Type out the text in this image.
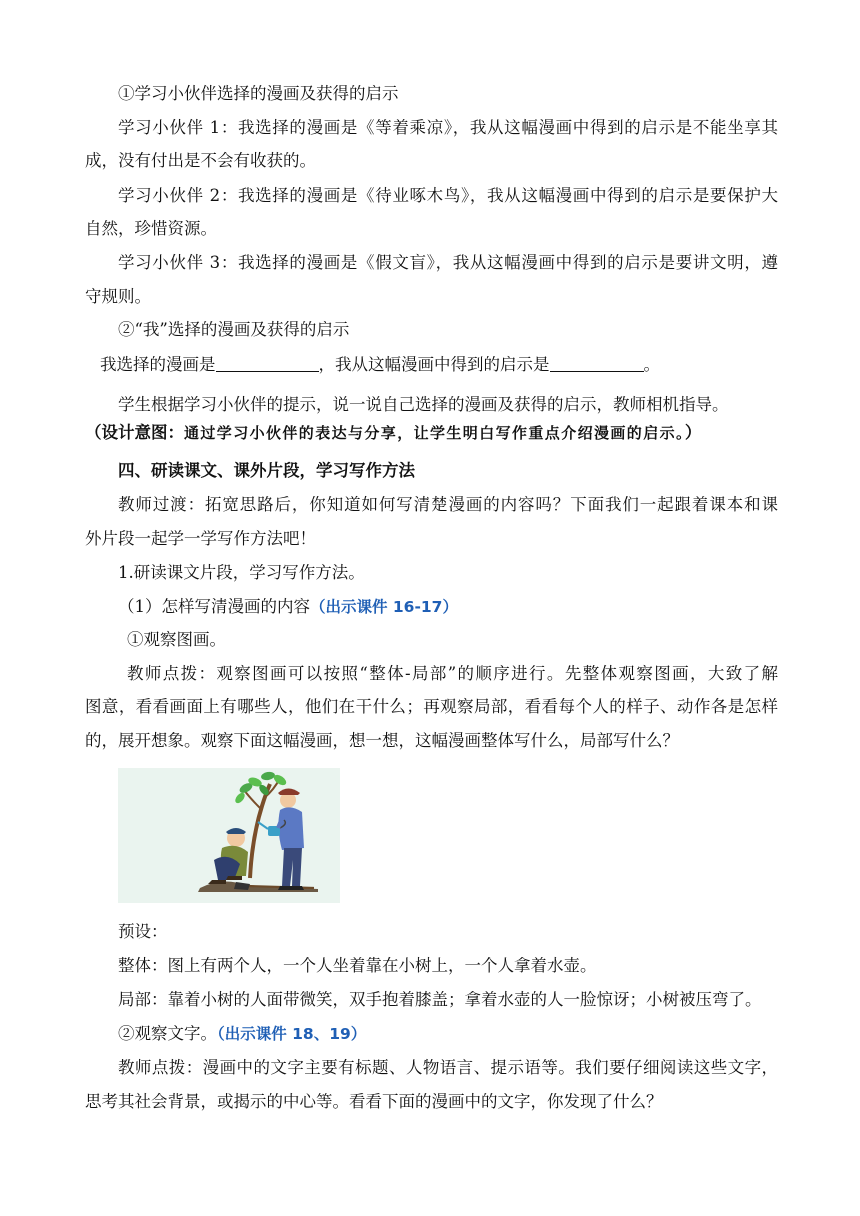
①学习小伙伴选择的漫画及获得的启示
学习小伙伴 1：我选择的漫画是《等着乘凉》，我从这幅漫画中得到的启示是不能坐享其
成，没有付出是不会有收获的。
学习小伙伴 2：我选择的漫画是《待业啄木鸟》，我从这幅漫画中得到的启示是要保护大
自然，珍惜资源。
学习小伙伴 3：我选择的漫画是《假文盲》，我从这幅漫画中得到的启示是要讲文明，遵
守规则。
②“我”选择的漫画及获得的启示
我选择的漫画是	，我从这幅漫画中得到的启示是	。
学生根据学习小伙伴的提示，说一说自己选择的漫画及获得的启示，教师相机指导。
（设计意图：通过学习小伙伴的表达与分享，让学生明白写作重点介绍漫画的启示。）
四、研读课文、课外片段，学习写作方法
教师过渡：拓宽思路后，你知道如何写清楚漫画的内容吗？下面我们一起跟着课本和课
外片段一起学一学写作方法吧！
1.研读课文片段，学习写作方法。
（1）怎样写清漫画的内容（出示课件 16-17）
①观察图画。
教师点拨：观察图画可以按照“整体-局部”的顺序进行。先整体观察图画，大致了解
图意，看看画面上有哪些人，他们在干什么；再观察局部，看看每个人的样子、动作各是怎样
的，展开想象。观察下面这幅漫画，想一想，这幅漫画整体写什么，局部写什么？
预设：
整体：图上有两个人，一个人坐着靠在小树上，一个人拿着水壶。
局部：靠着小树的人面带微笑，双手抱着膝盖；拿着水壶的人一脸惊讶；小树被压弯了。
②观察文字。（出示课件 18、19）
教师点拨：漫画中的文字主要有标题、人物语言、提示语等。我们要仔细阅读这些文字，
思考其社会背景，或揭示的中心等。看看下面的漫画中的文字，你发现了什么？
